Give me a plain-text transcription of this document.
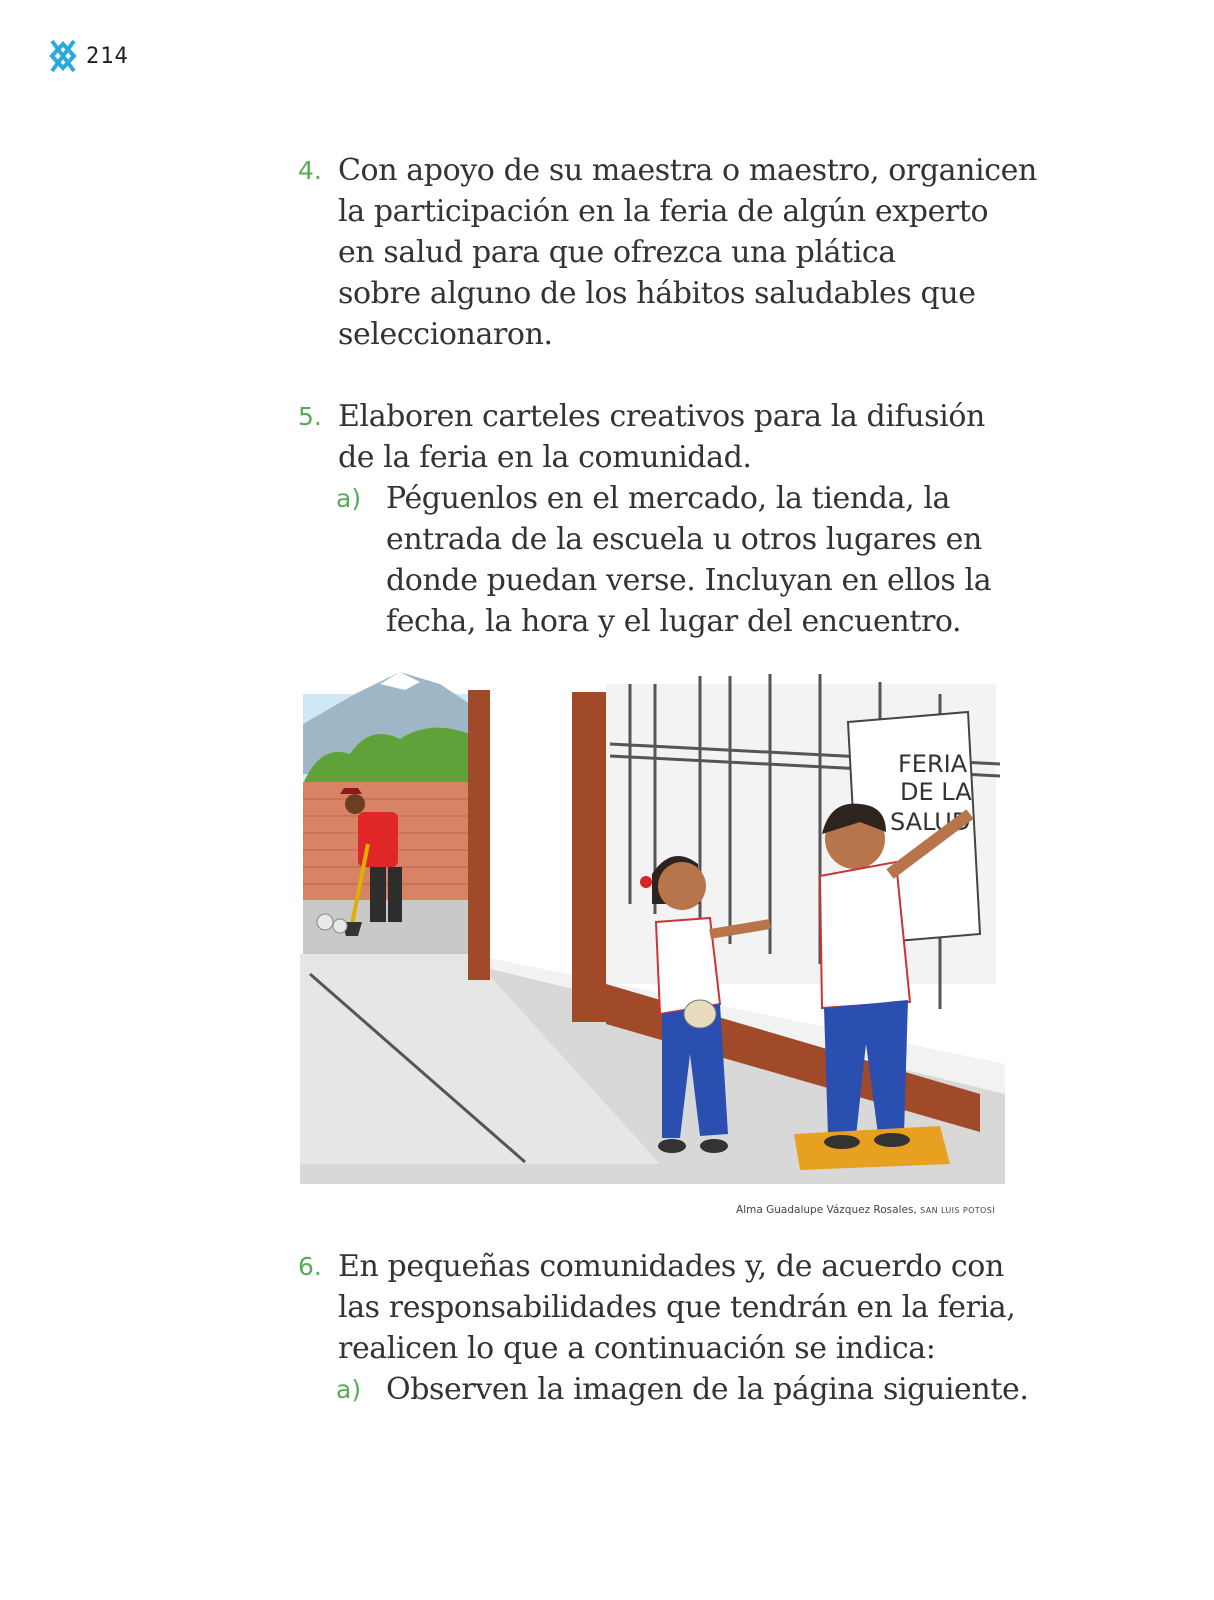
214
4. Con apoyo de su maestra o maestro, organicen
la participación en la feria de algún experto
en salud para que ofrezca una plática
sobre alguno de los hábitos saludables que
seleccionaron.
5. Elaboren carteles creativos para la difusión
de la feria en la comunidad.
a) Péguenlos en el mercado, la tienda, la
entrada de la escuela u otros lugares en
donde puedan verse. Incluyan en ellos la
fecha, la hora y el lugar del encuentro.
FERIA
DE LA
SALUD
Alma Guadalupe Vázquez Rosales, SAN LUIS POTOSÍ
6. En pequeñas comunidades y, de acuerdo con
las responsabilidades que tendrán en la feria,
realicen lo que a continuación se indica:
a) Observen la imagen de la página siguiente.
